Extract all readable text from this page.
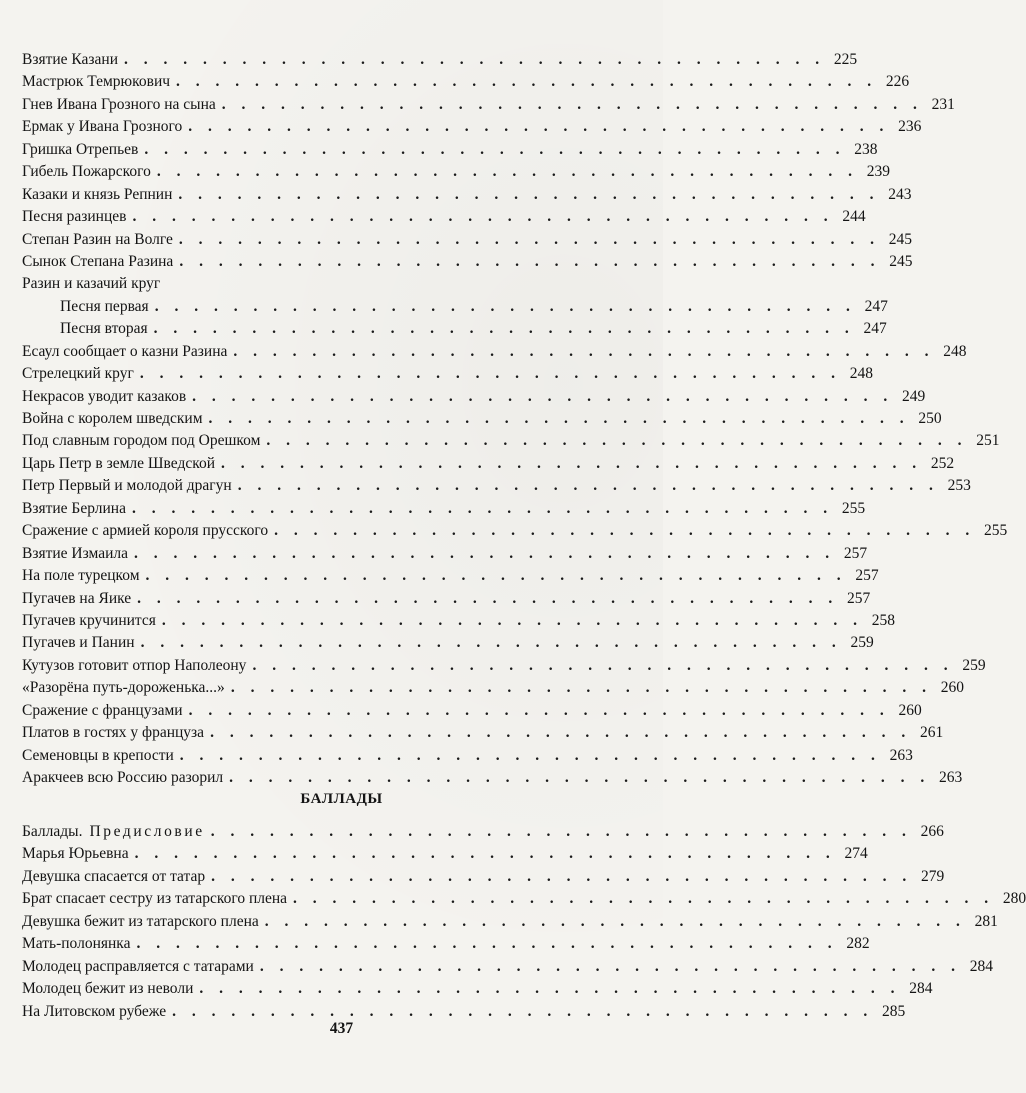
Взятие Казани . . . . . . . . . . . . . . . . . . . . . . . . . . . . . . . . . . . . 225
Мастрюк Темрюкович . . . . . . . . . . . . . . . . . . . . . . . . . . . . . . . . . . . . 226
Гнев Ивана Грозного на сына . . . . . . . . . . . . . . . . . . . . . . . . . . . . . . . . . . . . 231
Ермак у Ивана Грозного . . . . . . . . . . . . . . . . . . . . . . . . . . . . . . . . . . . . 236
Гришка Отрепьев . . . . . . . . . . . . . . . . . . . . . . . . . . . . . . . . . . . . 238
Гибель Пожарского . . . . . . . . . . . . . . . . . . . . . . . . . . . . . . . . . . . . 239
Казаки и князь Репнин . . . . . . . . . . . . . . . . . . . . . . . . . . . . . . . . . . . . 243
Песня разинцев . . . . . . . . . . . . . . . . . . . . . . . . . . . . . . . . . . . . 244
Степан Разин на Волге . . . . . . . . . . . . . . . . . . . . . . . . . . . . . . . . . . . . 245
Сынок Степана Разина . . . . . . . . . . . . . . . . . . . . . . . . . . . . . . . . . . . . 245
Разин и казачий круг
Песня первая . . . . . . . . . . . . . . . . . . . . . . . . . . . . . . . . . . . . 247
Песня вторая . . . . . . . . . . . . . . . . . . . . . . . . . . . . . . . . . . . . 247
Есаул сообщает о казни Разина . . . . . . . . . . . . . . . . . . . . . . . . . . . . . . . . . . . . 248
Стрелецкий круг . . . . . . . . . . . . . . . . . . . . . . . . . . . . . . . . . . . . 248
Некрасов уводит казаков . . . . . . . . . . . . . . . . . . . . . . . . . . . . . . . . . . . . 249
Война с королем шведским . . . . . . . . . . . . . . . . . . . . . . . . . . . . . . . . . . . . 250
Под славным городом под Орешком . . . . . . . . . . . . . . . . . . . . . . . . . . . . . . . . . . . . 251
Царь Петр в земле Шведской . . . . . . . . . . . . . . . . . . . . . . . . . . . . . . . . . . . . 252
Петр Первый и молодой драгун . . . . . . . . . . . . . . . . . . . . . . . . . . . . . . . . . . . . 253
Взятие Берлина . . . . . . . . . . . . . . . . . . . . . . . . . . . . . . . . . . . . 255
Сражение с армией короля прусского . . . . . . . . . . . . . . . . . . . . . . . . . . . . . . . . . . . . 255
Взятие Измаила . . . . . . . . . . . . . . . . . . . . . . . . . . . . . . . . . . . . 257
На поле турецком . . . . . . . . . . . . . . . . . . . . . . . . . . . . . . . . . . . . 257
Пугачев на Яике . . . . . . . . . . . . . . . . . . . . . . . . . . . . . . . . . . . . 257
Пугачев кручинится . . . . . . . . . . . . . . . . . . . . . . . . . . . . . . . . . . . . 258
Пугачев и Панин . . . . . . . . . . . . . . . . . . . . . . . . . . . . . . . . . . . . 259
Кутузов готовит отпор Наполеону . . . . . . . . . . . . . . . . . . . . . . . . . . . . . . . . . . . . 259
«Разорёна путь-дороженька...» . . . . . . . . . . . . . . . . . . . . . . . . . . . . . . . . . . . . 260
Сражение с французами . . . . . . . . . . . . . . . . . . . . . . . . . . . . . . . . . . . . 260
Платов в гостях у француза . . . . . . . . . . . . . . . . . . . . . . . . . . . . . . . . . . . . 261
Семеновцы в крепости . . . . . . . . . . . . . . . . . . . . . . . . . . . . . . . . . . . . 263
Аракчеев всю Россию разорил . . . . . . . . . . . . . . . . . . . . . . . . . . . . . . . . . . . . 263
БАЛЛАДЫ
Баллады. Предисловие . . . . . . . . . . . . . . . . . . . . . . . . . . . . . . . . . . . . 266
Марья Юрьевна . . . . . . . . . . . . . . . . . . . . . . . . . . . . . . . . . . . . 274
Девушка спасается от татар . . . . . . . . . . . . . . . . . . . . . . . . . . . . . . . . . . . . 279
Брат спасает сестру из татарского плена . . . . . . . . . . . . . . . . . . . . . . . . . . . . . . . . . . . . 280
Девушка бежит из татарского плена . . . . . . . . . . . . . . . . . . . . . . . . . . . . . . . . . . . . 281
Мать-полонянка . . . . . . . . . . . . . . . . . . . . . . . . . . . . . . . . . . . . 282
Молодец расправляется с татарами . . . . . . . . . . . . . . . . . . . . . . . . . . . . . . . . . . . . 284
Молодец бежит из неволи . . . . . . . . . . . . . . . . . . . . . . . . . . . . . . . . . . . . 284
На Литовском рубеже . . . . . . . . . . . . . . . . . . . . . . . . . . . . . . . . . . . . 285
437
